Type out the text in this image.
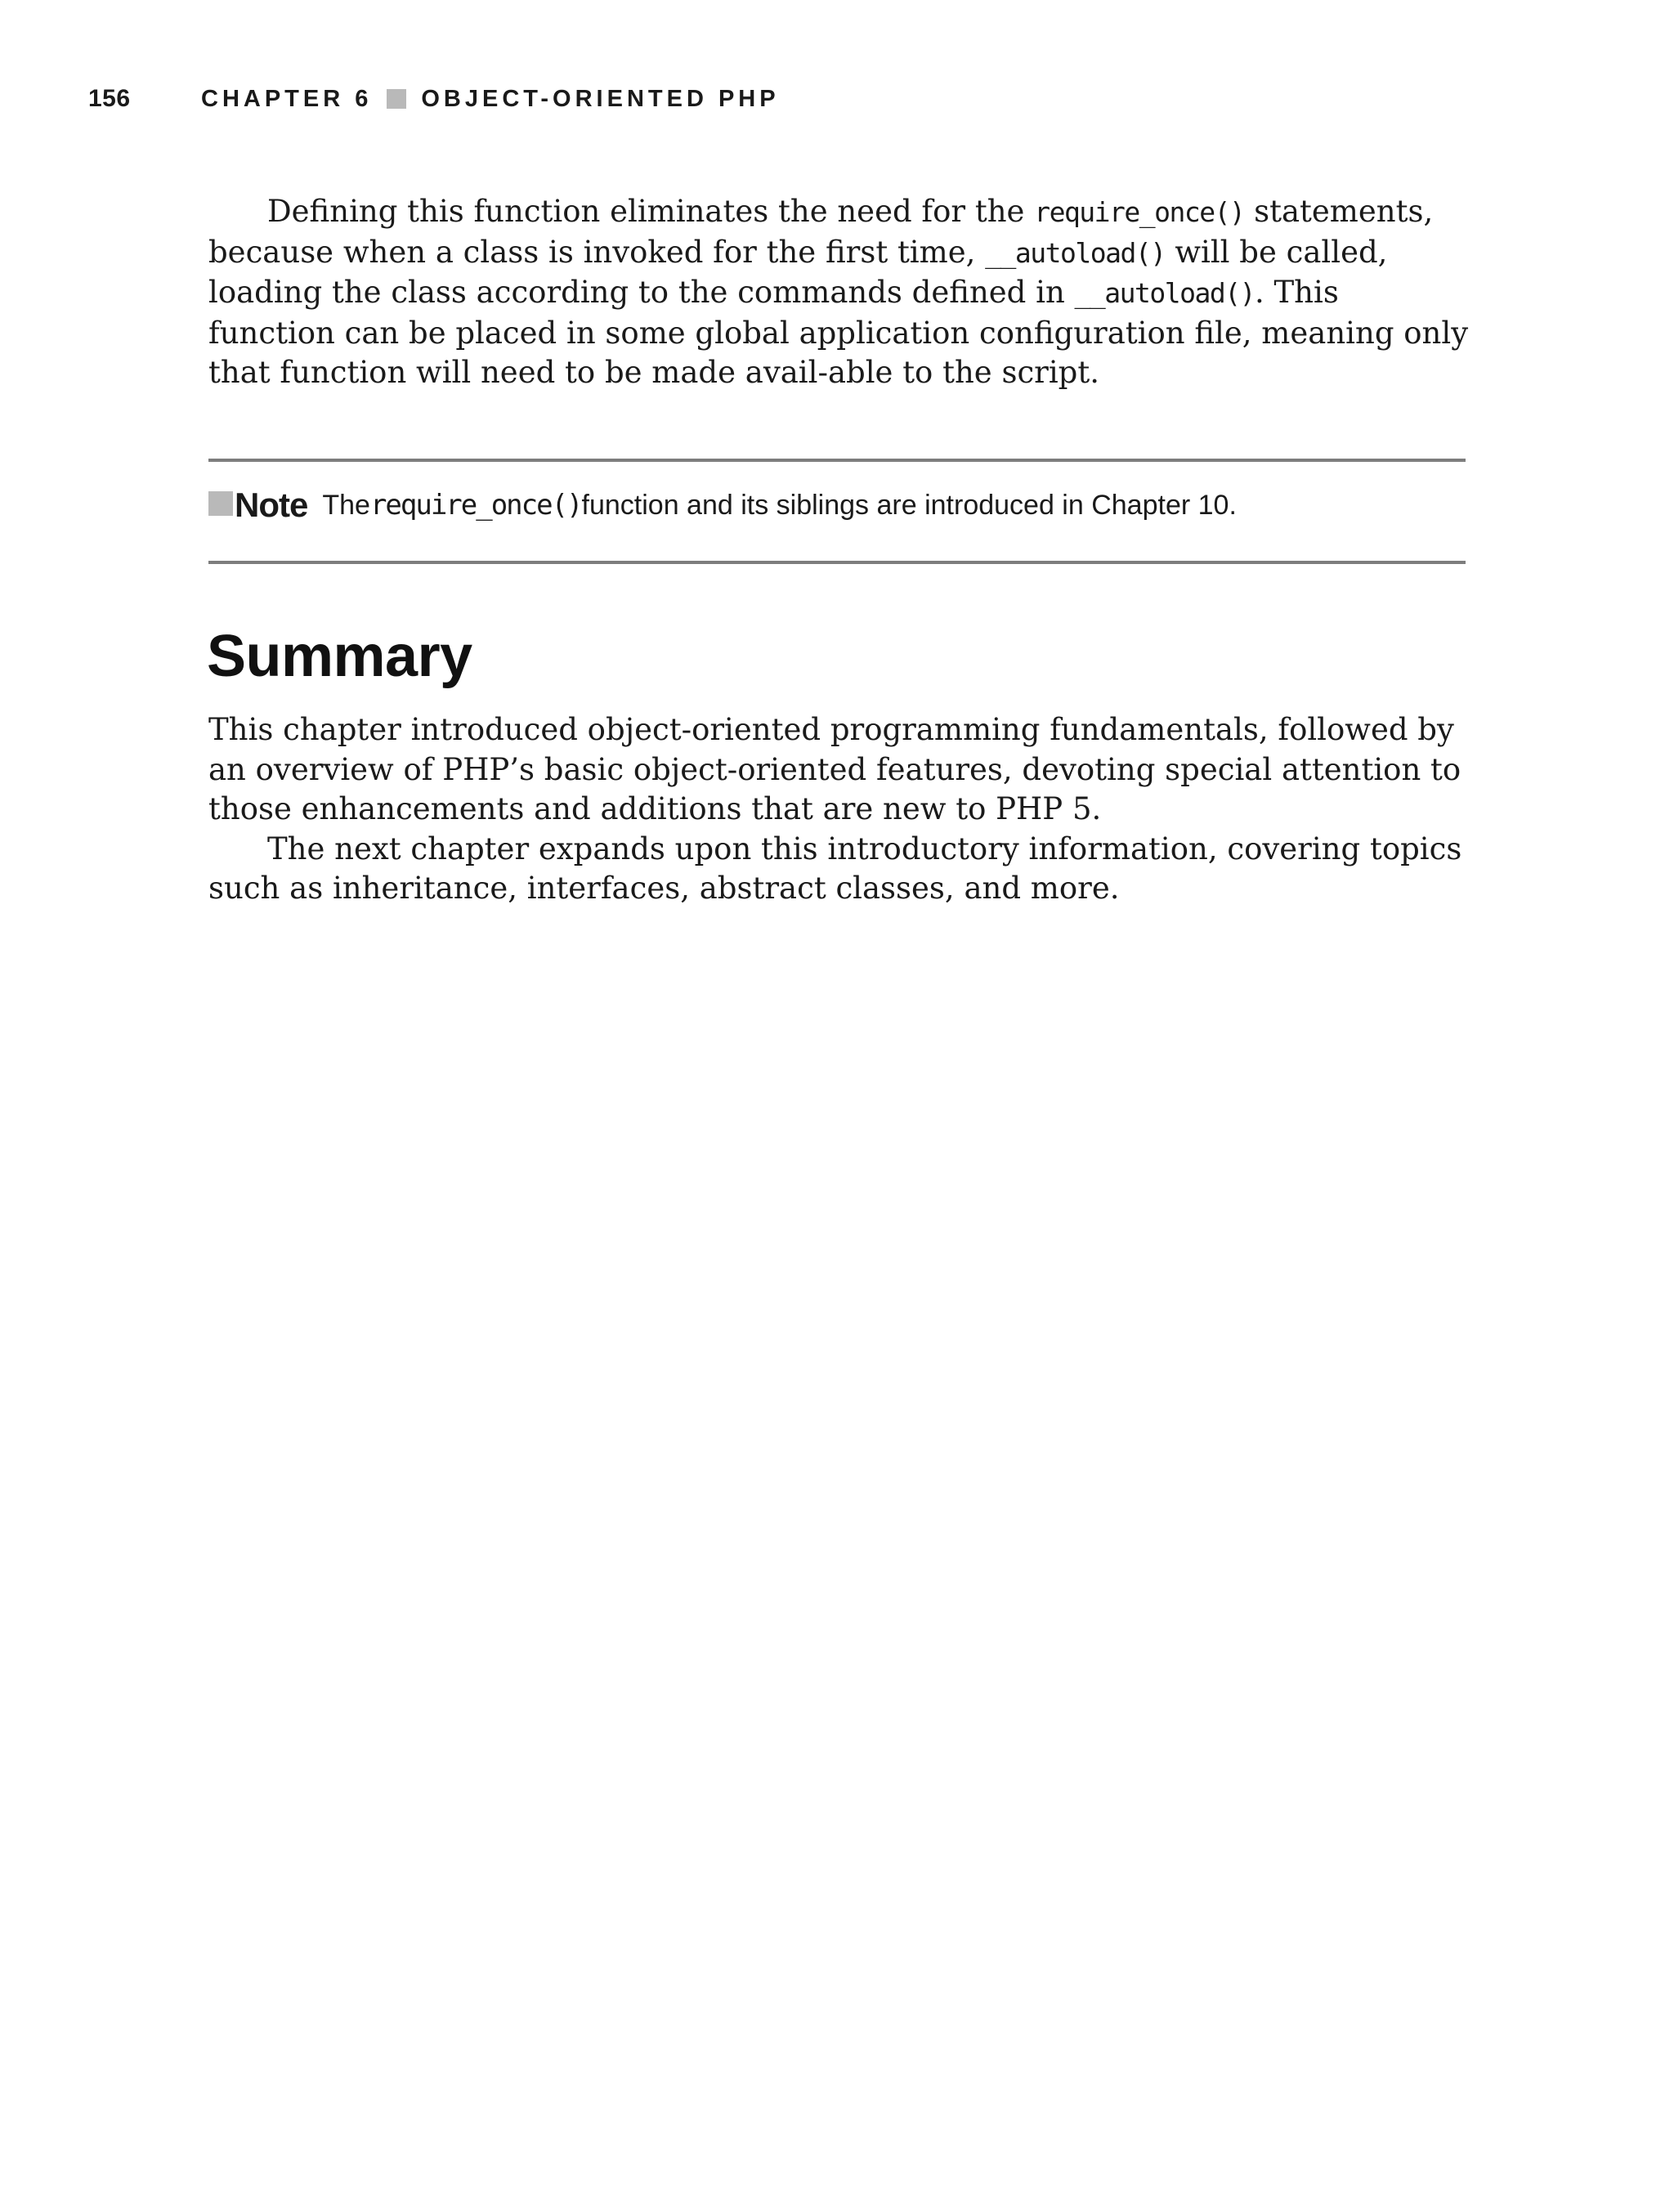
156	CHAPTER 6 OBJECT-ORIENTED PHP

Defining this function eliminates the need for the require_once() statements, because when a class is invoked for the first time, __autoload() will be called, loading the class according to the commands defined in __autoload(). This function can be placed in some global application configuration file, meaning only that function will need to be made avail-able to the script.

Note The require_once() function and its siblings are introduced in Chapter 10.
Summary

This chapter introduced object-oriented programming fundamentals, followed by an overview of PHP’s basic object-oriented features, devoting special attention to those enhancements and additions that are new to PHP 5.

The next chapter expands upon this introductory information, covering topics such as inheritance, interfaces, abstract classes, and more.
